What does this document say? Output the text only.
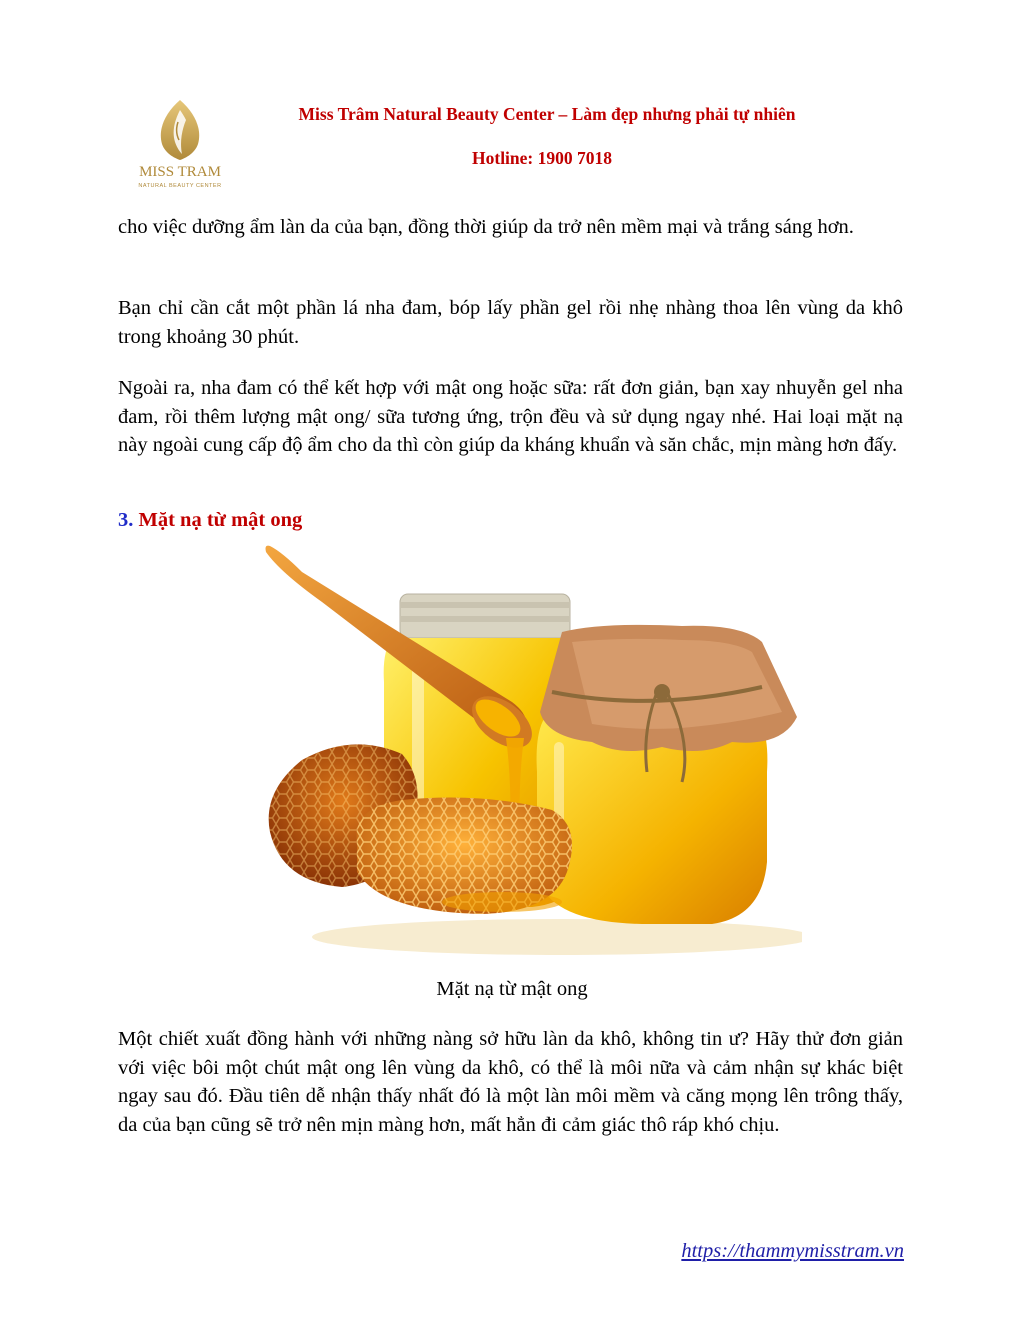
MISS TRAM
NATURAL BEAUTY CENTER
Miss Trâm Natural Beauty Center – Làm đẹp nhưng phải tự nhiên
Hotline: 1900 7018

cho việc dưỡng ẩm làn da của bạn, đồng thời giúp da trở nên mềm mại và trắng sáng hơn.

Bạn chỉ cần cắt một phần lá nha đam, bóp lấy phần gel rồi nhẹ nhàng thoa lên vùng da khô trong khoảng 30 phút.

Ngoài ra, nha đam có thể kết hợp với mật ong hoặc sữa: rất đơn giản, bạn xay nhuyễn gel nha đam, rồi thêm lượng mật ong/ sữa tương ứng, trộn đều và sử dụng ngay nhé. Hai loại mặt nạ này ngoài cung cấp độ ẩm cho da thì còn giúp da kháng khuẩn và săn chắc, mịn màng hơn đấy.

3. Mặt nạ từ mật ong
Mặt nạ từ mật ong

Một chiết xuất đồng hành với những nàng sở hữu làn da khô, không tin ư? Hãy thử đơn giản với việc bôi một chút mật ong lên vùng da khô, có thể là môi nữa và cảm nhận sự khác biệt ngay sau đó. Đầu tiên dễ nhận thấy nhất đó là một làn môi mềm và căng mọng lên trông thấy, da của bạn cũng sẽ trở nên mịn màng hơn, mất hẳn đi cảm giác thô ráp khó chịu.

https://thammymisstram.vn
